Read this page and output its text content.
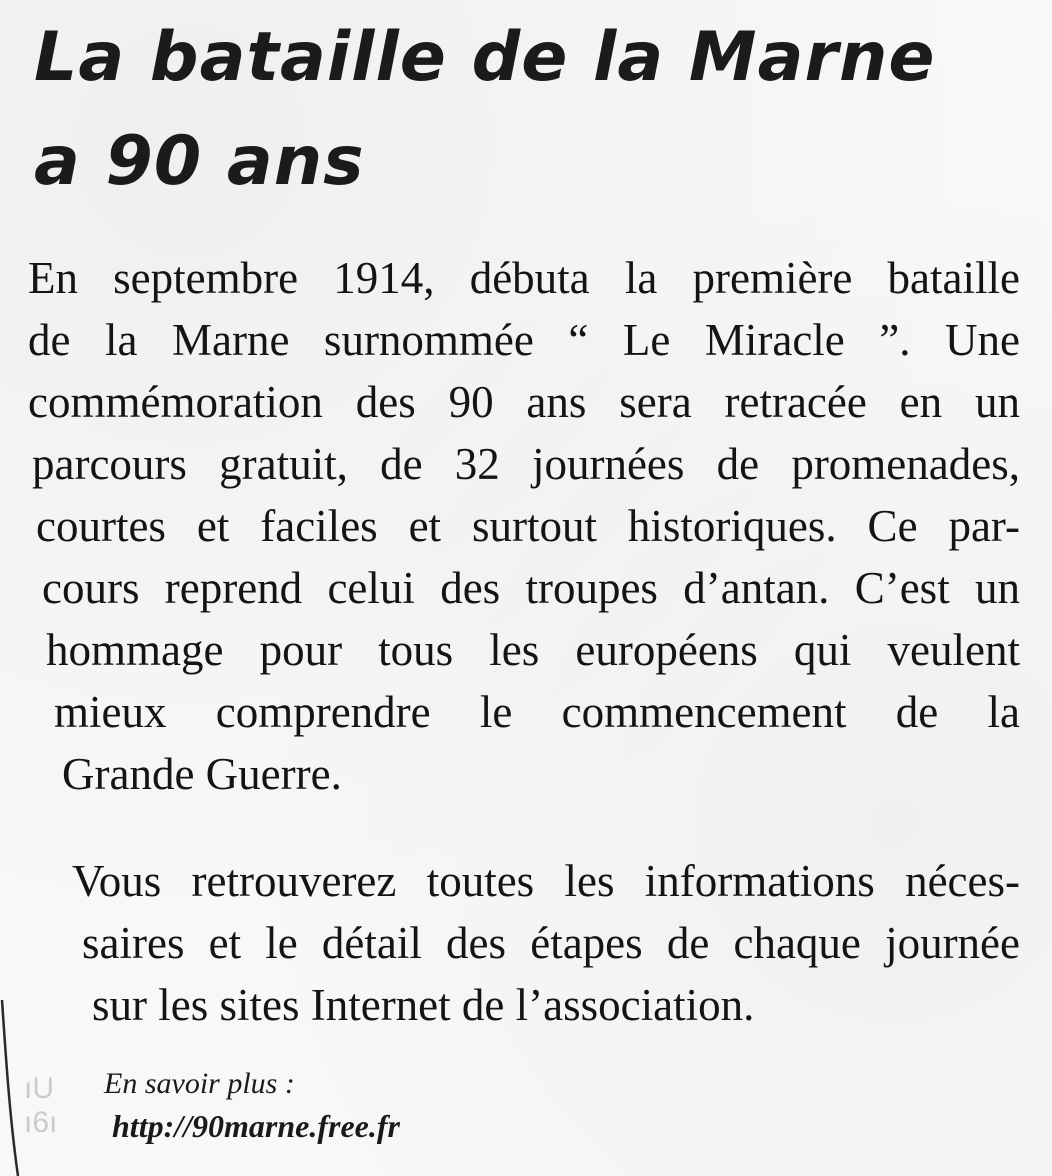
La bataille de la Marne
a 90 ans
En septembre 1914, débuta la première bataille
de la Marne surnommée “ Le Miracle ”. Une
commémoration des 90 ans sera retracée en un
parcours gratuit, de 32 journées de promenades,
courtes et faciles et surtout historiques. Ce par-
cours reprend celui des troupes d’antan. C’est un
hommage pour tous les européens qui veulent
mieux comprendre le commencement de la
Grande Guerre.
Vous retrouverez toutes les informations néces-
saires et le détail des étapes de chaque journée
sur les sites Internet de l’association.
En savoir plus :
http://90marne.free.fr
ıU
ı6ı
